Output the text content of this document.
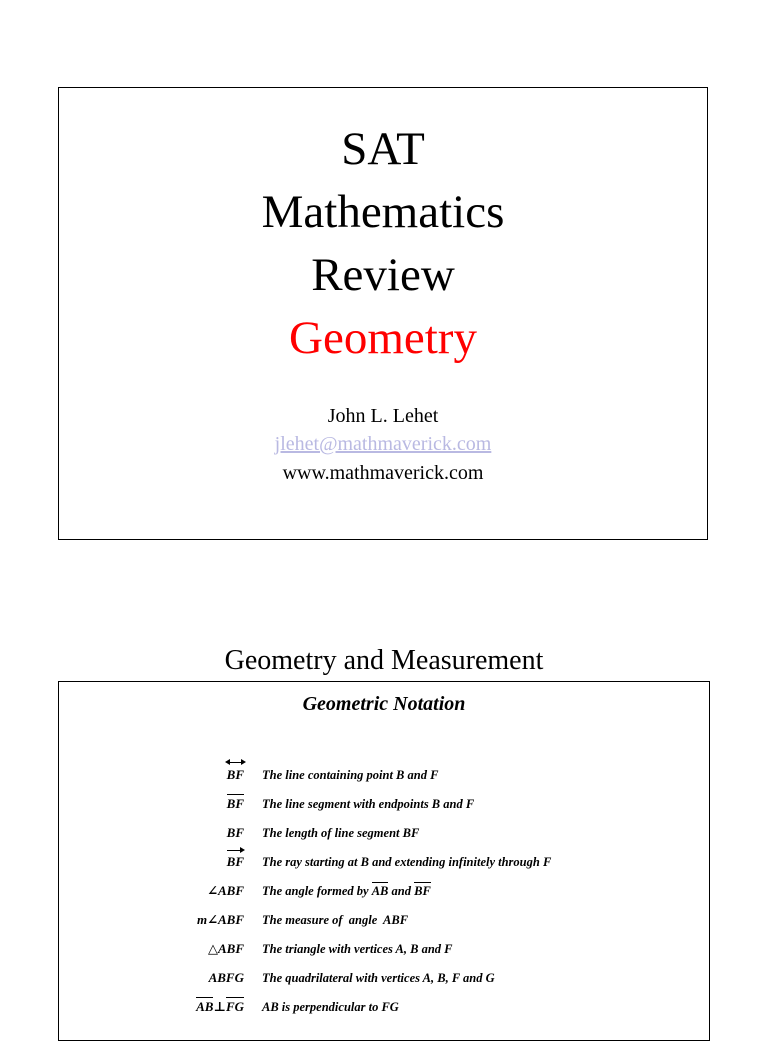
SAT
Mathematics
Review
Geometry
John L. Lehet
jlehet@mathmaverick.com
www.mathmaverick.com
Geometry and Measurement
Geometric Notation
BF The line containing point B and F
BF The line segment with endpoints B and F
BF The length of line segment BF
BF The ray starting at B and extending infinitely through F
∠ABF The angle formed by AB and BF
m∠ABF The measure of  angle  ABF
△ABF The triangle with vertices A, B and F
ABFG The quadrilateral with vertices A, B, F and G
AB⊥FG AB is perpendicular to FG
